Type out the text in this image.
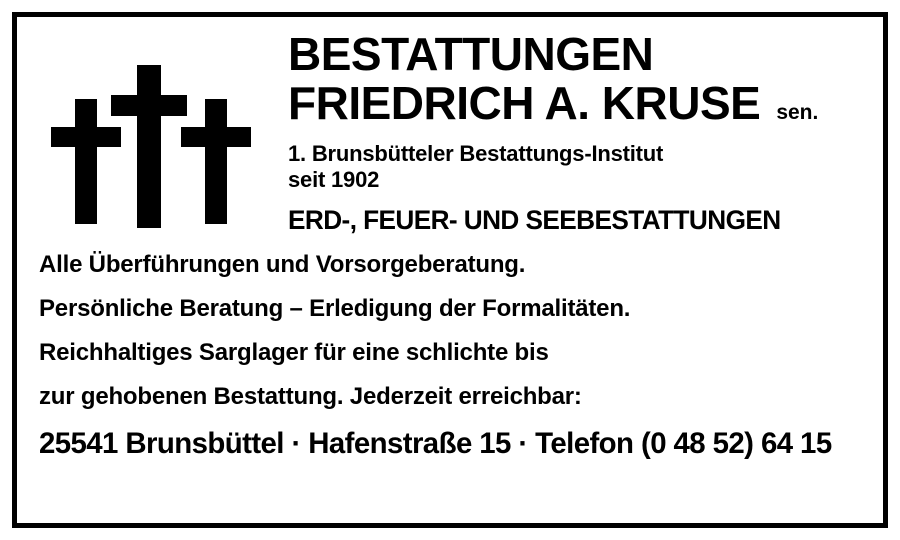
BESTATTUNGEN
FRIEDRICH A. KRUSE sen.
1. Brunsbütteler Bestattungs-Institut
seit 1902
ERD-, FEUER- UND SEEBESTATTUNGEN
Alle Überführungen und Vorsorgeberatung.
Persönliche Beratung – Erledigung der Formalitäten.
Reichhaltiges Sarglager für eine schlichte bis
zur gehobenen Bestattung. Jederzeit erreichbar:
25541 Brunsbüttel · Hafenstraße 15 · Telefon (0 48 52) 64 15
